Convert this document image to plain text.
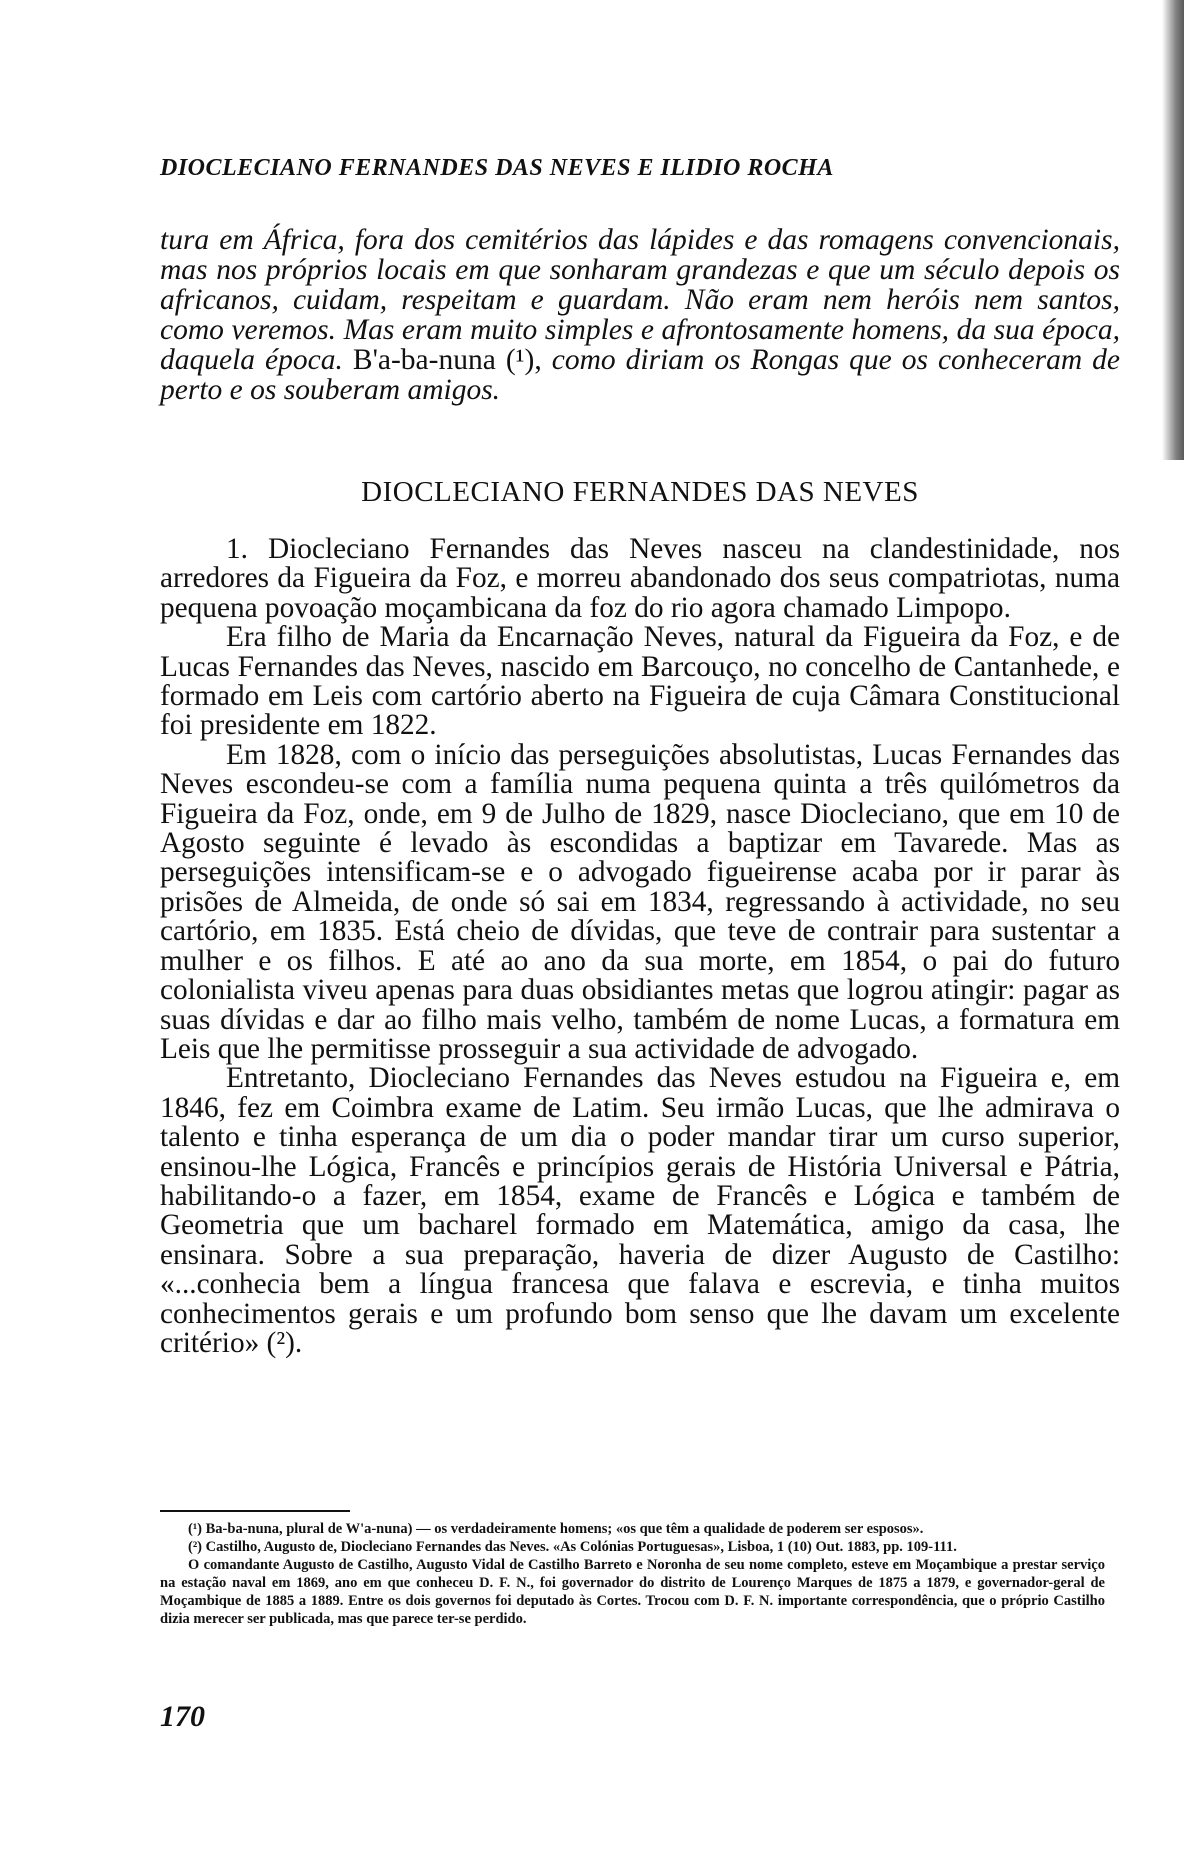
DIOCLECIANO FERNANDES DAS NEVES E ILIDIO ROCHA
tura em África, fora dos cemitérios das lápides e das romagens convencionais, mas nos próprios locais em que sonharam grandezas e que um século depois os africanos, cuidam, respeitam e guardam. Não eram nem heróis nem santos, como veremos. Mas eram muito simples e afrontosamente homens, da sua época, daquela época. B'a-ba-nuna (¹), como diriam os Rongas que os conheceram de perto e os souberam amigos.
DIOCLECIANO FERNANDES DAS NEVES

1. Diocleciano Fernandes das Neves nasceu na clandestinidade, nos arredores da Figueira da Foz, e morreu abandonado dos seus compatriotas, numa pequena povoação moçambicana da foz do rio agora chamado Limpopo.

Era filho de Maria da Encarnação Neves, natural da Figueira da Foz, e de Lucas Fernandes das Neves, nascido em Barcouço, no concelho de Cantanhede, e formado em Leis com cartório aberto na Figueira de cuja Câmara Constitucional foi presidente em 1822.

Em 1828, com o início das perseguições absolutistas, Lucas Fernandes das Neves escondeu-se com a família numa pequena quinta a três quilómetros da Figueira da Foz, onde, em 9 de Julho de 1829, nasce Diocleciano, que em 10 de Agosto seguinte é levado às escondidas a baptizar em Tavarede. Mas as perseguições intensificam-se e o advogado figueirense acaba por ir parar às prisões de Almeida, de onde só sai em 1834, regressando à actividade, no seu cartório, em 1835. Está cheio de dívidas, que teve de contrair para sustentar a mulher e os filhos. E até ao ano da sua morte, em 1854, o pai do futuro colonialista viveu apenas para duas obsidiantes metas que logrou atingir: pagar as suas dívidas e dar ao filho mais velho, também de nome Lucas, a formatura em Leis que lhe permitisse prosseguir a sua actividade de advogado.

Entretanto, Diocleciano Fernandes das Neves estudou na Figueira e, em 1846, fez em Coimbra exame de Latim. Seu irmão Lucas, que lhe admirava o talento e tinha esperança de um dia o poder mandar tirar um curso superior, ensinou-lhe Lógica, Francês e princípios gerais de História Universal e Pátria, habilitando-o a fazer, em 1854, exame de Francês e Lógica e também de Geometria que um bacharel formado em Matemática, amigo da casa, lhe ensinara. Sobre a sua preparação, haveria de dizer Augusto de Castilho: «...conhecia bem a língua francesa que falava e escrevia, e tinha muitos conhecimentos gerais e um profundo bom senso que lhe davam um excelente critério» (²).

(¹) Ba-ba-nuna, plural de W'a-nuna) — os verdadeiramente homens; «os que têm a qualidade de poderem ser esposos».

(²) Castilho, Augusto de, Diocleciano Fernandes das Neves. «As Colónias Portuguesas», Lisboa, 1 (10) Out. 1883, pp. 109-111.

O comandante Augusto de Castilho, Augusto Vidal de Castilho Barreto e Noronha de seu nome completo, esteve em Moçambique a prestar serviço na estação naval em 1869, ano em que conheceu D. F. N., foi governador do distrito de Lourenço Marques de 1875 a 1879, e governador-geral de Moçambique de 1885 a 1889. Entre os dois governos foi deputado às Cortes. Trocou com D. F. N. importante correspondência, que o próprio Castilho dizia merecer ser publicada, mas que parece ter-se perdido.

170
